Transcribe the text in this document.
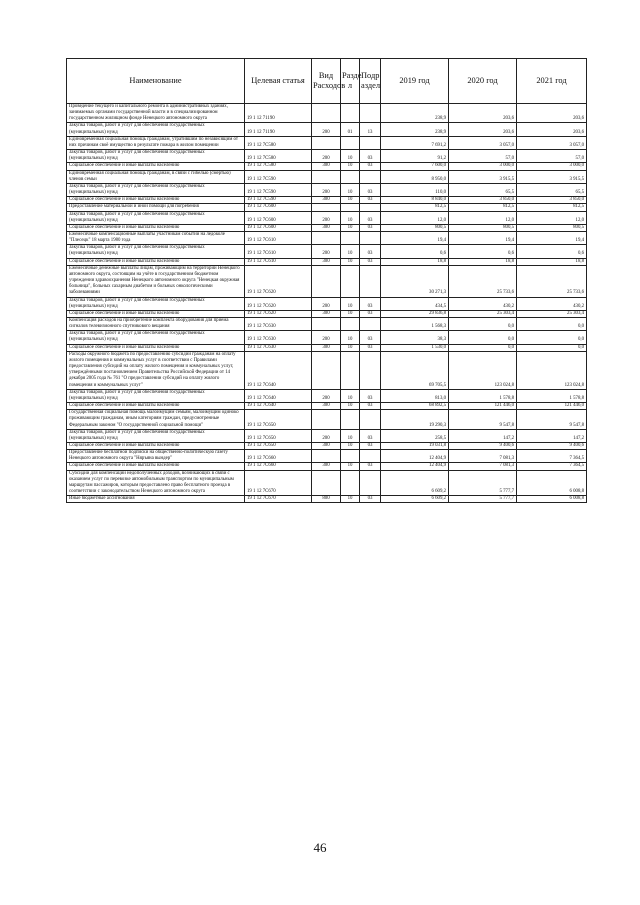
Наименование	Целевая статья	Вид Расходов	Разде л	Подр аздел	2019 год	2020 год	2021 год
Проведение текущего и капитального ремонта в административных зданиях, занимаемых органами государственной власти и в специализированном государственном жилищном фонде Ненецкого автономного округа	19 1 12 71190				238,9	203,6	203,6
Закупка товаров, работ и услуг для обеспечения государственных (муниципальных) нужд	19 1 12 71190	200	01	13	238,9	203,6	203,6
Единовременная социальная помощь гражданам, утратившим по независящим от них причинам своё имущество в результате пожара в жилом помещении	19 1 12 7С580				7 691,2	3 057,0	3 057,0
Закупка товаров, работ и услуг для обеспечения государственных (муниципальных) нужд	19 1 12 7С580	200	10	03	91,2	57,0	57,0
Социальное обеспечение и иные выплаты населению	19 1 12 7С580	300	10	03	7 600,0	3 000,0	3 000,0
Единовременная социальная помощь гражданам, в связи с гибелью (смертью) членов семьи	19 1 12 7С590				8 950,0	3 915,5	3 915,5
Закупка товаров, работ и услуг для обеспечения государственных (муниципальных) нужд	19 1 12 7С590	200	10	03	110,0	65,5	65,5
Социальное обеспечение и иные выплаты населению	19 1 12 7С590	300	10	03	8 840,0	3 850,0	3 850,0
Предоставление материальной и иной помощи для погребения	19 1 12 7С600				812,5	812,5	812,5
Закупка товаров, работ и услуг для обеспечения государственных (муниципальных) нужд	19 1 12 7С600	200	10	03	12,0	12,0	12,0
Социальное обеспечение и иные выплаты населению	19 1 12 7С600	300	10	03	800,5	800,5	800,5
Ежемесячные компенсационные выплаты участникам событий на ледоколе "Плесецк" 18 марта 1980 года	19 1 12 7С610				19,4	19,4	19,4
Закупка товаров, работ и услуг для обеспечения государственных (муниципальных) нужд	19 1 12 7С610	200	10	03	0,6	0,6	0,6
Социальное обеспечение и иные выплаты населению	19 1 12 7С610	300	10	03	18,8	18,8	18,8
Ежемесячные денежные выплаты лицам, проживающим на территории Ненецкого автономного округа, состоящим на учёте в государственном бюджетном учреждении здравоохранения Ненецкого автономного округа "Ненецкая окружная больница", больных сахарным диабетом и больных онкологическими заболеваниями	19 1 12 7С620				30 271,3	25 733,6	25 733,6
Закупка товаров, работ и услуг для обеспечения государственных (муниципальных) нужд	19 1 12 7С620	200	10	03	434,5	430,2	430,2
Социальное обеспечение и иные выплаты населению	19 1 12 7С620	300	10	03	29 836,8	25 303,4	25 303,4
Компенсация расходов на приобретение комплекта оборудования для приема сигналов телевизионного спутникового вещания	19 1 12 7С630				1 568,3	0,0	0,0
Закупка товаров, работ и услуг для обеспечения государственных (муниципальных) нужд	19 1 12 7С630	200	10	03	38,3	0,0	0,0
Социальное обеспечение и иные выплаты населению	19 1 12 7С630	300	10	03	1 530,0	0,0	0,0
Расходы окружного бюджета по предоставлению субсидий гражданам на оплату жилого помещения и коммунальных услуг в соответствии с Правилами предоставления субсидий на оплату жилого помещения и коммунальных услуг, утверждёнными постановлением Правительства Российской Федерации от 14 декабря 2005 года № 761 "О предоставлении субсидий на оплату жилого помещения и коммунальных услуг"	19 1 12 7С640				69 705,5	123 024,8	123 024,8
Закупка товаров, работ и услуг для обеспечения государственных (муниципальных) нужд	19 1 12 7С640	200	10	03	813,0	1 578,8	1 578,8
Социальное обеспечение и иные выплаты населению	19 1 12 7С640	300	10	03	68 892,5	121 446,0	121 446,0
Государственная социальная помощь малоимущим семьям, малоимущим одиноко проживающим гражданам, иным категориям граждан, предусмотренные Федеральным законом "О государственной социальной помощи"	19 1 12 7С650				19 290,3	9 547,8	9 547,8
Закупка товаров, работ и услуг для обеспечения государственных (муниципальных) нужд	19 1 12 7С650	200	10	03	258,5	147,2	147,2
Социальное обеспечение и иные выплаты населению	19 1 12 7С650	300	10	03	19 031,8	9 400,6	9 400,6
Предоставление бесплатной подписки на общественно-политическую газету Ненецкого автономного округа "Няръяна вындер"	19 1 12 7С660				12 404,9	7 081,3	7 364,5
Социальное обеспечение и иные выплаты населению	19 1 12 7С660	300	10	03	12 404,9	7 081,3	7 364,5
Субсидии для компенсации недополученных доходов, возникающих в связи с оказанием услуг по перевозке автомобильным транспортом по муниципальным маршрутам пассажиров, которым предоставлено право бесплатного проезда в соответствии с законодательством Ненецкого автономного округа	19 1 12 7С670				6 609,2	5 777,7	6 008,8
Иные бюджетные ассигнования	19 1 12 7С670	800	10	03	6 609,2	5 777,7	6 008,8
46
